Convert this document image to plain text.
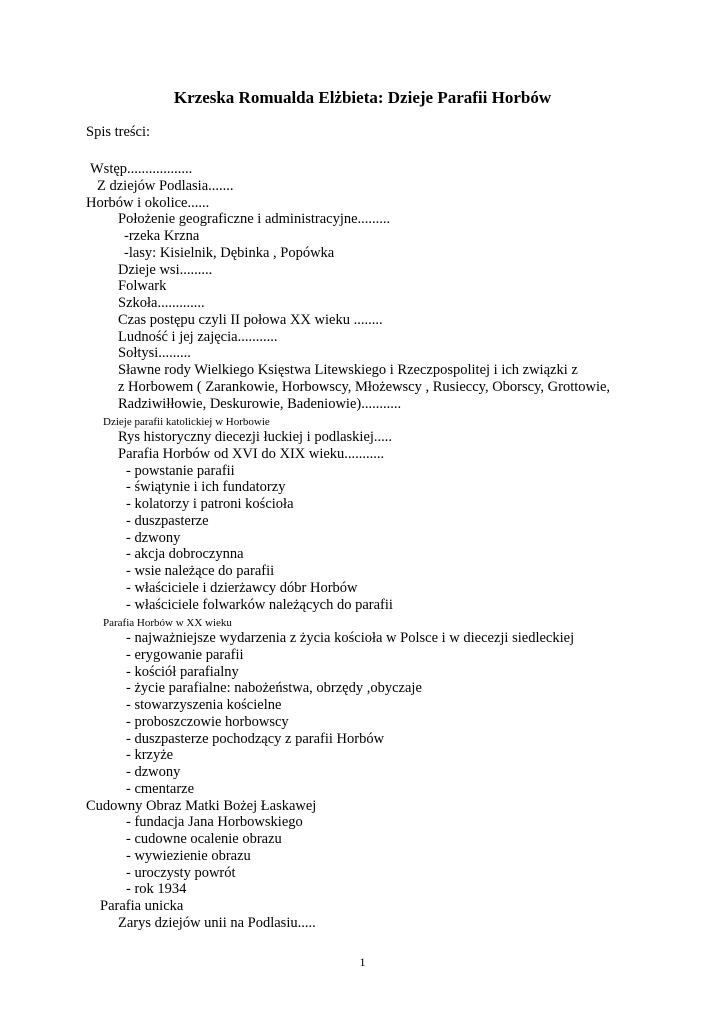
Krzeska Romualda Elżbieta: Dzieje Parafii Horbów
Spis treści:
Wstęp..................
Z dziejów Podlasia.......
Horbów i okolice......
Położenie geograficzne i administracyjne.........
-rzeka Krzna
-lasy: Kisielnik, Dębinka , Popówka
Dzieje wsi.........
Folwark
Szkoła.............
Czas postępu czyli II połowa XX wieku ........
Ludność i jej zajęcia...........
Sołtysi.........
Sławne rody Wielkiego Księstwa Litewskiego i Rzeczpospolitej i ich związki z
z Horbowem ( Zarankowie, Horbowscy, Młożewscy , Rusieccy, Oborscy, Grottowie,
Radziwiłłowie, Deskurowie, Badeniowie)...........
Dzieje parafii katolickiej w Horbowie
Rys historyczny diecezji łuckiej i podlaskiej.....
Parafia Horbów od XVI do XIX wieku...........
- powstanie parafii
- świątynie i ich fundatorzy
- kolatorzy i patroni kościoła
- duszpasterze
- dzwony
- akcja dobroczynna
- wsie należące do parafii
- właściciele i dzierżawcy dóbr Horbów
- właściciele folwarków należących do parafii
Parafia Horbów w XX wieku
- najważniejsze wydarzenia z życia kościoła w Polsce i w diecezji siedleckiej
- erygowanie parafii
- kościół parafialny
- życie parafialne: nabożeństwa, obrzędy ,obyczaje
- stowarzyszenia kościelne
- proboszczowie horbowscy
- duszpasterze pochodzący z parafii Horbów
- krzyże
- dzwony
- cmentarze
Cudowny Obraz Matki Bożej Łaskawej
- fundacja Jana Horbowskiego
- cudowne ocalenie obrazu
- wywiezienie obrazu
- uroczysty powrót
- rok 1934
Parafia unicka
Zarys dziejów unii na Podlasiu.....
1
